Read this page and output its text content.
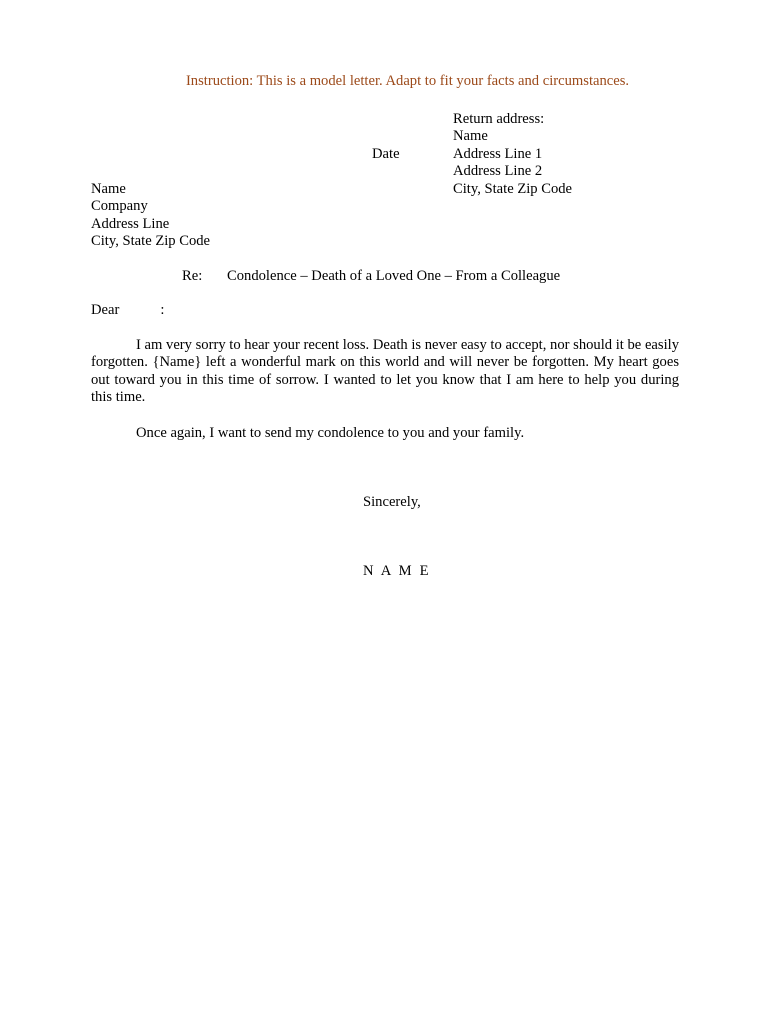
Instruction: This is a model letter. Adapt to fit your facts and circumstances.
Return address:
Name
Address Line 1
Address Line 2
City, State Zip Code
Date
Name
Company
Address Line
City, State Zip Code
Re: Condolence – Death of a Loved One – From a Colleague
Dear	:
I am very sorry to hear your recent loss. Death is never easy to accept, nor should it be easily forgotten. {Name} left a wonderful mark on this world and will never be forgotten. My heart goes out toward you in this time of sorrow. I wanted to let you know that I am here to help you during this time.
Once again, I want to send my condolence to you and your family.
Sincerely,
N A M E
